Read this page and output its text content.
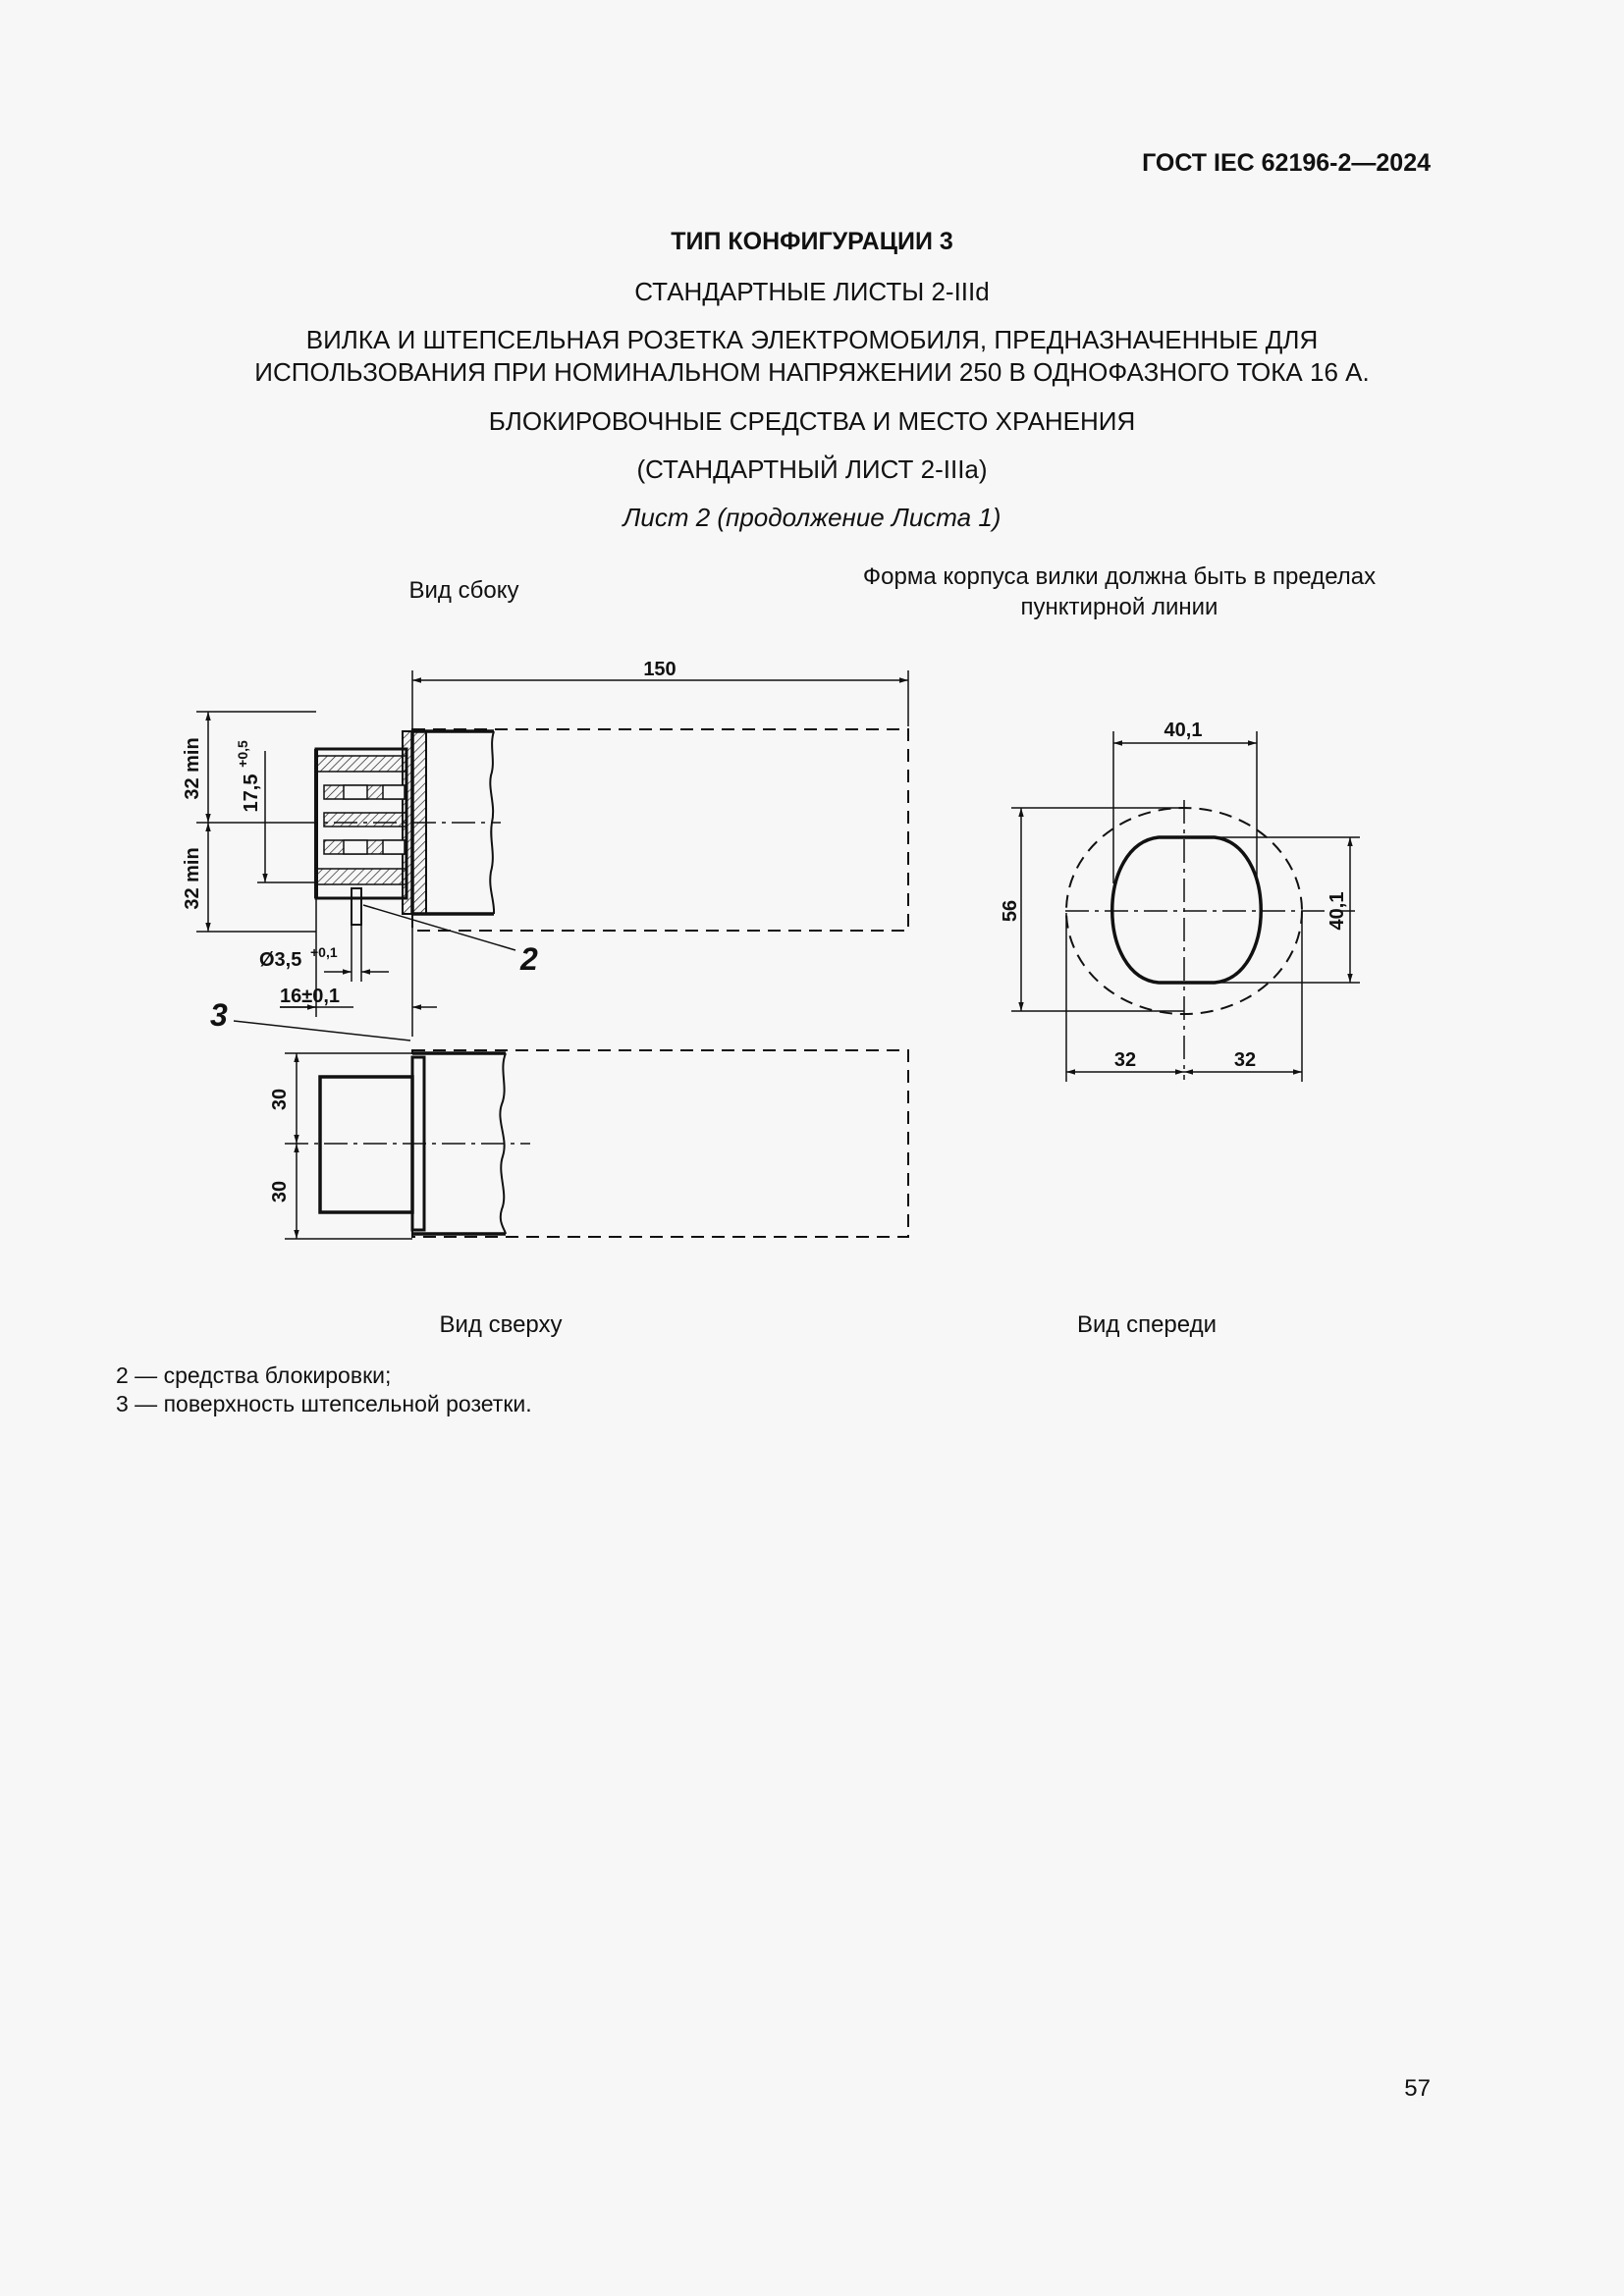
ГОСТ IEC 62196-2—2024
ТИП КОНФИГУРАЦИИ 3
СТАНДАРТНЫЕ ЛИСТЫ 2-IIId
ВИЛКА И ШТЕПСЕЛЬНАЯ РОЗЕТКА ЭЛЕКТРОМОБИЛЯ, ПРЕДНАЗНАЧЕННЫЕ ДЛЯ
ИСПОЛЬЗОВАНИЯ ПРИ НОМИНАЛЬНОМ НАПРЯЖЕНИИ 250 В ОДНОФАЗНОГО ТОКА 16 А.
БЛОКИРОВОЧНЫЕ СРЕДСТВА И МЕСТО ХРАНЕНИЯ
(СТАНДАРТНЫЙ ЛИСТ 2-IIIa)
Лист 2 (продолжение Листа 1)
Вид сбоку
Форма корпуса вилки должна быть в пределах
пунктирной линии
150
32 min
32 min
17,5
+0,5
Ø3,5 +0,1
16±0,1
2
3
30
30
40,1
56	40,1
32	32
Вид сверху	Вид спереди
2 — средства блокировки;
3 — поверхность штепсельной розетки.
57
